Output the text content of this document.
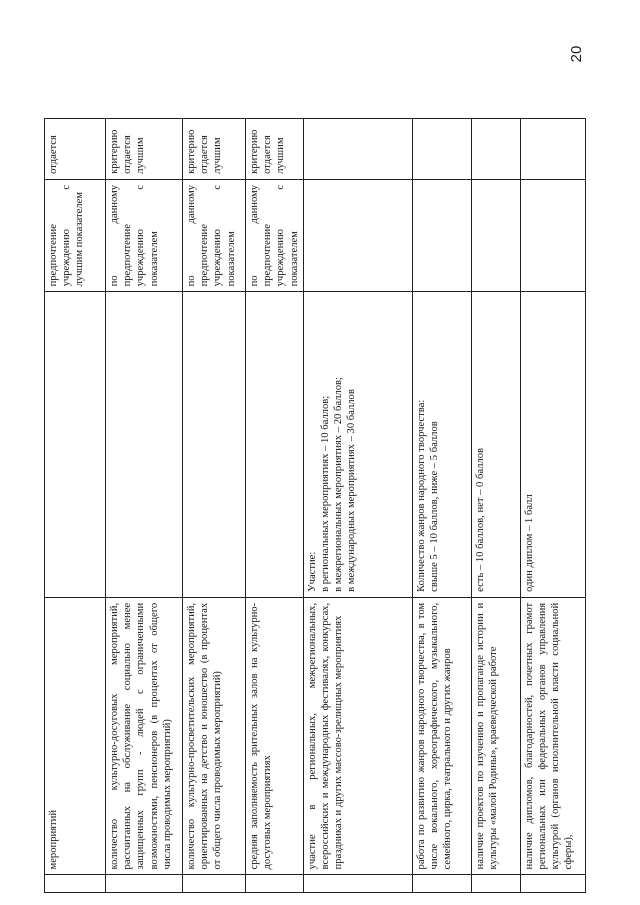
20
	мероприятий		предпочтение учреждению с лучшим показателем	отдается
	количество культурно-досуговых мероприятий, рассчитанных на обслуживание социально менее защищенных групп - людей с ограниченными возможностями, пенсионеров (в процентах от общего числа проводимых мероприятий)		по данному предпочтение учреждению с показателем	критерию отдается лучшим
	количество культурно-просветительских мероприятий, ориентированных на детство и юношество (в процентах от общего числа проводимых мероприятий)		по данному предпочтение учреждению с показателем	критерию отдается лучшим
	средняя заполняемость зрительных залов на культурно-досуговых мероприятиях		по данному предпочтение учреждению с показателем	критерию отдается лучшим
	участие в региональных, межрегиональных, всероссийских и международных фестивалях, конкурсах, праздниках и других массово-зрелищных мероприятиях	Участие: в региональных мероприятиях – 10 баллов; в межрегиональных мероприятиях – 20 баллов; в международных мероприятиях – 30 баллов		

	работа по развитию жанров народного творчества, в том числе вокального, хореографического, музыкального, семейного, цирка, театрального и других жанров	Количество жанров народного творчества: свыше 5 – 10 баллов, ниже – 5 баллов		

	наличие проектов по изучению и пропаганде истории и культуры «малой Родины», краеведческой работе	есть – 10 баллов, нет – 0 баллов		

	наличие дипломов, благодарностей, почетных грамот региональных или федеральных органов управления культурой (органов исполнительной власти социальной сферы),	один диплом – 1 балл		
